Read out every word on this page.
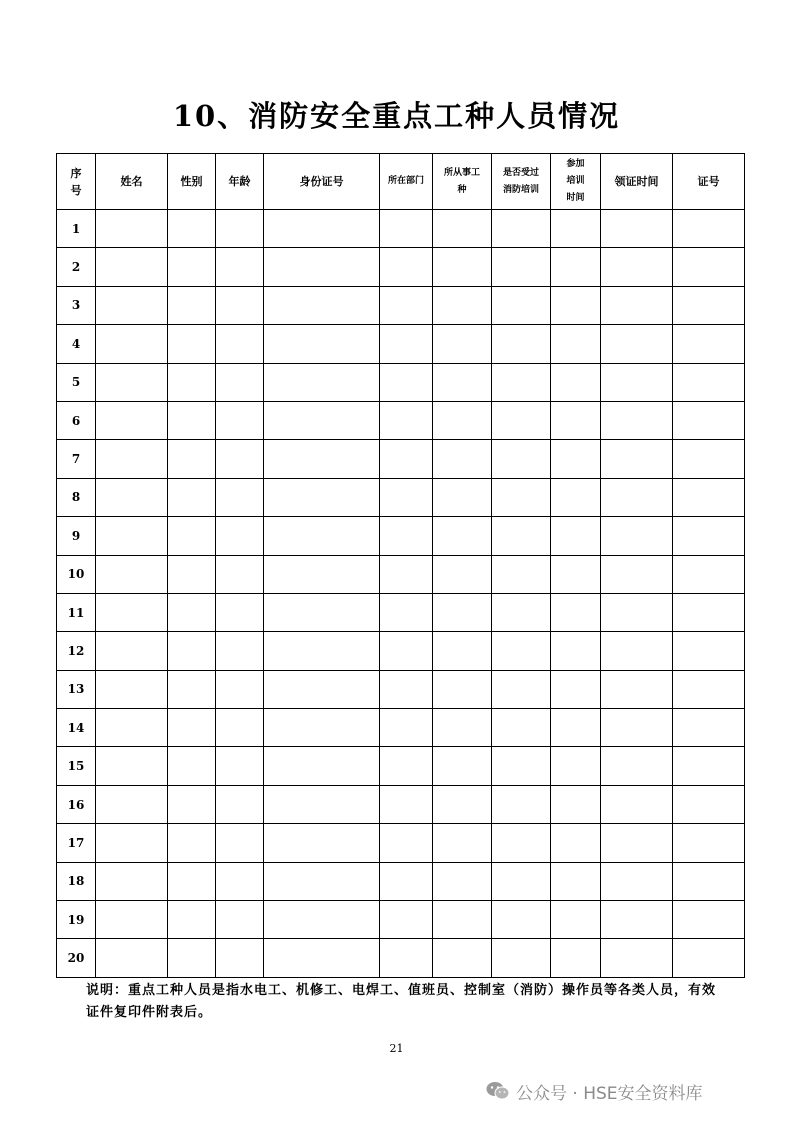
10、消防安全重点工种人员情况
序号	姓名	性别	年龄	身份证号	所在部门	所从事工种	是否受过消防培训	参加培训时间	领证时间	证号
1										
2										
3										
4										
5										
6										
7										
8										
9										
10										
11										
12										
13										
14										
15										
16										
17										
18										
19										
20										
说明：重点工种人员是指水电工、机修工、电焊工、值班员、控制室（消防）操作员等各类人员，有效证件复印件附表后。
21
公众号 · HSE安全资料库
